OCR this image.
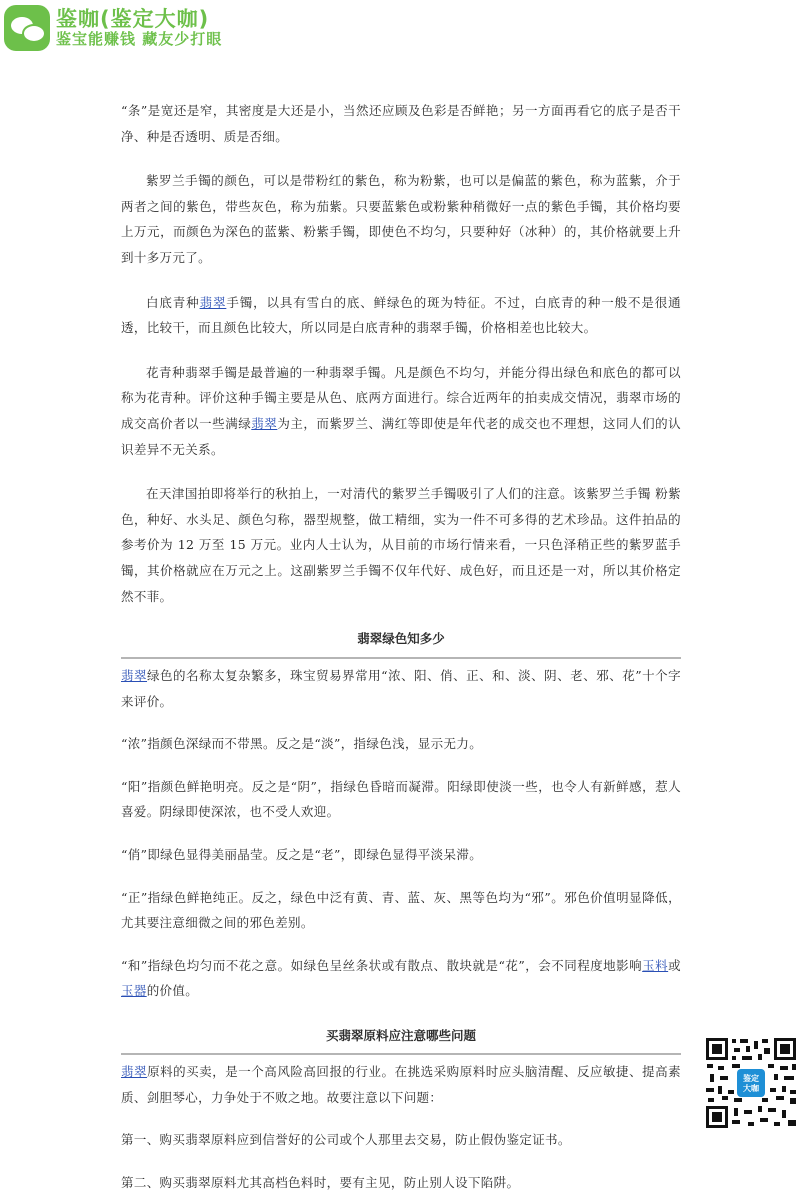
鉴咖(鉴定大咖)
鉴宝能赚钱 藏友少打眼

“条”是宽还是窄，其密度是大还是小，当然还应顾及色彩是否鲜艳；另一方面再看它的底子是否干净、种是否透明、质是否细。

紫罗兰手镯的颜色，可以是带粉红的紫色，称为粉紫，也可以是偏蓝的紫色，称为蓝紫，介于两者之间的紫色，带些灰色，称为茄紫。只要蓝紫色或粉紫种稍微好一点的紫色手镯，其价格均要上万元，而颜色为深色的蓝紫、粉紫手镯，即使色不均匀，只要种好（冰种）的，其价格就要上升到十多万元了。

白底青种翡翠手镯，以具有雪白的底、鲜绿色的斑为特征。不过，白底青的种一般不是很通透，比较干，而且颜色比较大，所以同是白底青种的翡翠手镯，价格相差也比较大。

花青种翡翠手镯是最普遍的一种翡翠手镯。凡是颜色不均匀，并能分得出绿色和底色的都可以称为花青种。评价这种手镯主要是从色、底两方面进行。综合近两年的拍卖成交情况，翡翠市场的成交高价者以一些满绿翡翠为主，而紫罗兰、满红等即使是年代老的成交也不理想，这同人们的认识差异不无关系。

在天津国拍即将举行的秋拍上，一对清代的紫罗兰手镯吸引了人们的注意。该紫罗兰手镯 粉紫色，种好、水头足、颜色匀称，器型规整，做工精细，实为一件不可多得的艺术珍品。这件拍品的参考价为 12 万至 15 万元。业内人士认为，从目前的市场行情来看，一只色泽稍正些的紫罗蓝手镯，其价格就应在万元之上。这副紫罗兰手镯不仅年代好、成色好，而且还是一对，所以其价格定然不菲。

翡翠绿色知多少

翡翠绿色的名称太复杂繁多，珠宝贸易界常用“浓、阳、俏、正、和、淡、阴、老、邪、花”十个字来评价。

“浓”指颜色深绿而不带黑。反之是“淡”，指绿色浅，显示无力。

“阳”指颜色鲜艳明亮。反之是“阴”，指绿色昏暗而凝滞。阳绿即使淡一些，也令人有新鲜感，惹人喜爱。阴绿即使深浓，也不受人欢迎。

“俏”即绿色显得美丽晶莹。反之是“老”，即绿色显得平淡呆滞。

“正”指绿色鲜艳纯正。反之，绿色中泛有黄、青、蓝、灰、黑等色均为“邪”。邪色价值明显降低，尤其要注意细微之间的邪色差别。

“和”指绿色均匀而不花之意。如绿色呈丝条状或有散点、散块就是“花”，会不同程度地影响玉料或玉器的价值。

买翡翠原料应注意哪些问题

翡翠原料的买卖，是一个高风险高回报的行业。在挑选采购原料时应头脑清醒、反应敏捷、提高素质、剑胆琴心，力争处于不败之地。故要注意以下问题：

第一、购买翡翠原料应到信誉好的公司或个人那里去交易，防止假伪鉴定证书。

第二、购买翡翠原料尤其高档色料时，要有主见，防止别人设下陷阱。

鉴定
大咖
